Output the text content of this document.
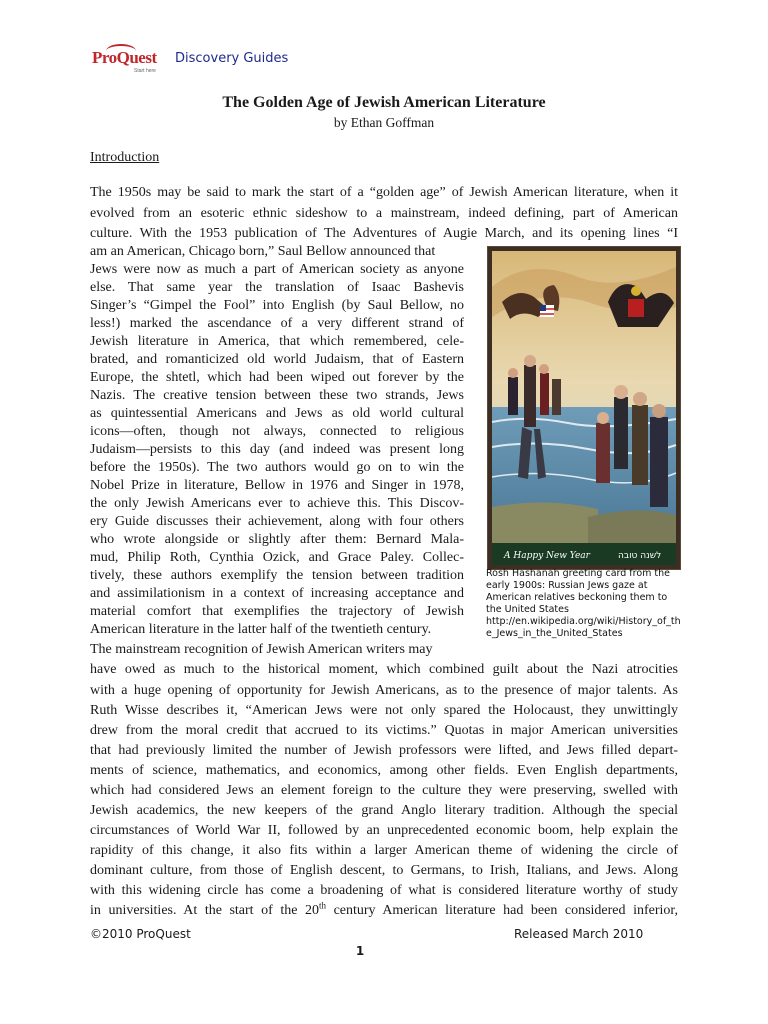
ProQuest
Start here
Discovery Guides
The Golden Age of Jewish American Literature
by Ethan Goffman
Introduction
The 1950s may be said to mark the start of a “golden age” of Jewish American literature, when it
evolved from an esoteric ethnic sideshow to a mainstream, indeed defining, part of American
culture. With the 1953 publication of The Adventures of Augie March, and its opening lines “I
am an American, Chicago born,” Saul Bellow announced that
Jews were now as much a part of American society as anyone
else. That same year the translation of Isaac Bashevis
Singer’s “Gimpel the Fool” into English (by Saul Bellow, no
less!) marked the ascendance of a very different strand of
Jewish literature in America, that which remembered, cele-
brated, and romanticized old world Judaism, that of Eastern
Europe, the shtetl, which had been wiped out forever by the
Nazis. The creative tension between these two strands, Jews
as quintessential Americans and Jews as old world cultural
icons—often, though not always, connected to religious
Judaism—persists to this day (and indeed was present long
before the 1950s). The two authors would go on to win the
Nobel Prize in literature, Bellow in 1976 and Singer in 1978,
the only Jewish Americans ever to achieve this. This Discov-
ery Guide discusses their achievement, along with four others
who wrote alongside or slightly after them: Bernard Mala-
mud, Philip Roth, Cynthia Ozick, and Grace Paley. Collec-
tively, these authors exemplify the tension between tradition
and assimilationism in a context of increasing acceptance and
material comfort that exemplifies the trajectory of Jewish
American literature in the latter half of the twentieth century.
A Happy New Year	לשנה טובה
Rosh Hashanah greeting card from the early 1900s: Russian Jews gaze at American relatives beckoning them to the United States
http://en.wikipedia.org/wiki/History_of_the_Jews_in_the_United_States
The mainstream recognition of Jewish American writers may
have owed as much to the historical moment, which combined guilt about the Nazi atrocities
with a huge opening of opportunity for Jewish Americans, as to the presence of major talents. As
Ruth Wisse describes it, “American Jews were not only spared the Holocaust, they unwittingly
drew from the moral credit that accrued to its victims.” Quotas in major American universities
that had previously limited the number of Jewish professors were lifted, and Jews filled depart-
ments of science, mathematics, and economics, among other fields. Even English departments,
which had considered Jews an element foreign to the culture they were preserving, swelled with
Jewish academics, the new keepers of the grand Anglo literary tradition. Although the special
circumstances of World War II, followed by an unprecedented economic boom, help explain the
rapidity of this change, it also fits within a larger American theme of widening the circle of
dominant culture, from those of English descent, to Germans, to Irish, Italians, and Jews. Along
with this widening circle has come a broadening of what is considered literature worthy of study
in universities. At the start of the 20th century American literature had been considered inferior,
©2010 ProQuest	Released March 2010
1
